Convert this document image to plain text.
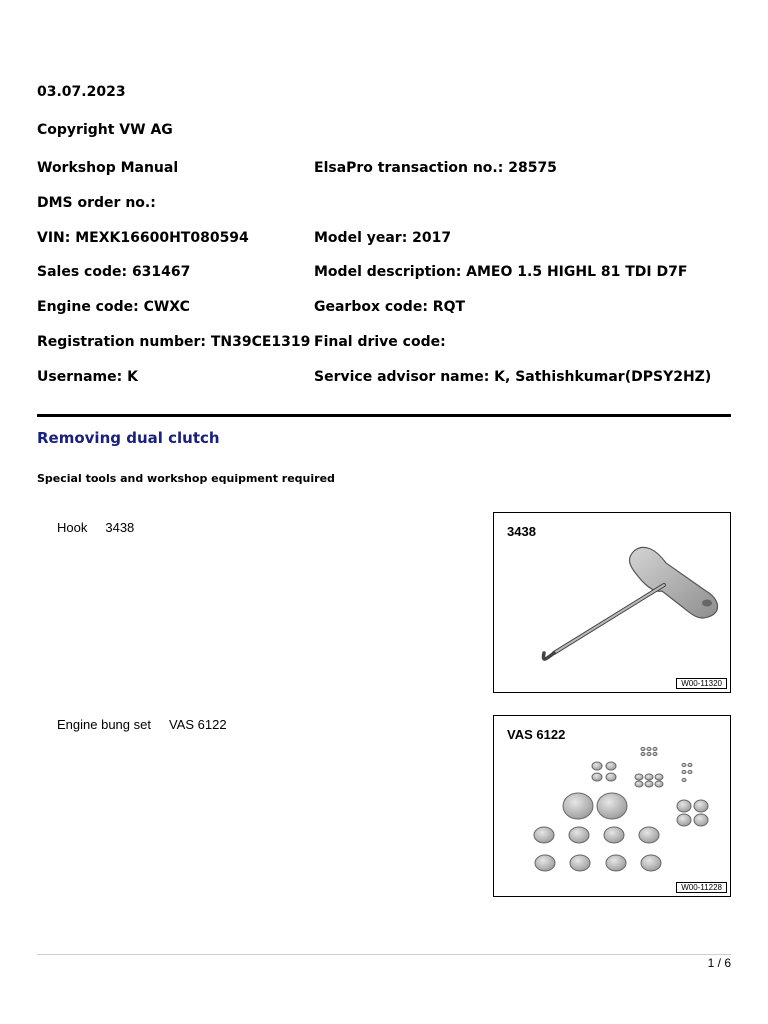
03.07.2023
Copyright VW AG
Workshop Manual	ElsaPro transaction no.: 28575
DMS order no.:
VIN: MEXK16600HT080594	Model year: 2017
Sales code: 631467	Model description: AMEO 1.5 HIGHL 81 TDI D7F
Engine code: CWXC	Gearbox code: RQT
Registration number: TN39CE1319 Final drive code:
Username: K	Service advisor name: K, Sathishkumar(DPSY2HZ)
Removing dual clutch
Special tools and workshop equipment required
Hook 3438	3438
W00-11320
Engine bung set VAS 6122
VAS 6122
W00-11228
1 / 6
